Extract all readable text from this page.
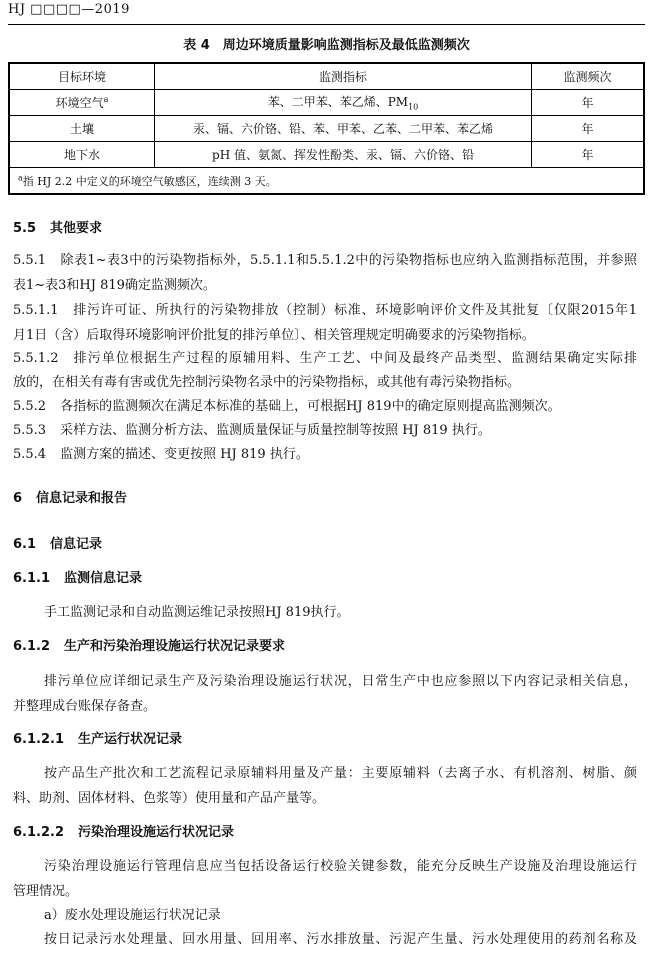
HJ □□□□—2019
表 4　周边环境质量影响监测指标及最低监测频次
目标环境	监测指标	监测频次
环境空气$^a$	苯、二甲苯、苯乙烯、$PM_{10}$	年
土壤	汞、镉、六价铬、铅、苯、甲苯、乙苯、二甲苯、苯乙烯	年
地下水	pH 值、氨氮、挥发性酚类、汞、镉、六价铬、铅	年
$^a$指 HJ 2.2 中定义的环境空气敏感区，连续测 3 天。		
5.5 其他要求
5.5.1 除表1~表3中的污染物指标外，5.5.1.1和5.5.1.2中的污染物指标也应纳入监测指标范围，并参照
表1~表3和HJ 819确定监测频次。
5.5.1.1 排污许可证、所执行的污染物排放（控制）标准、环境影响评价文件及其批复〔仅限2015年1
月1日（含）后取得环境影响评价批复的排污单位〕、相关管理规定明确要求的污染物指标。
5.5.1.2 排污单位根据生产过程的原辅用料、生产工艺、中间及最终产品类型、监测结果确定实际排
放的，在相关有毒有害或优先控制污染物名录中的污染物指标，或其他有毒污染物指标。
5.5.2 各指标的监测频次在满足本标准的基础上，可根据HJ 819中的确定原则提高监测频次。
5.5.3 采样方法、监测分析方法、监测质量保证与质量控制等按照 HJ 819 执行。
5.5.4 监测方案的描述、变更按照 HJ 819 执行。
6 信息记录和报告
6.1 信息记录
6.1.1 监测信息记录
手工监测记录和自动监测运维记录按照HJ 819执行。
6.1.2 生产和污染治理设施运行状况记录要求
排污单位应详细记录生产及污染治理设施运行状况，日常生产中也应参照以下内容记录相关信息，
并整理成台账保存备查。
6.1.2.1 生产运行状况记录
按产品生产批次和工艺流程记录原辅料用量及产量：主要原辅料（去离子水、有机溶剂、树脂、颜
料、助剂、固体材料、色浆等）使用量和产品产量等。
6.1.2.2 污染治理设施运行状况记录
污染治理设施运行管理信息应当包括设备运行校验关键参数，能充分反映生产设施及治理设施运行
管理情况。
a）废水处理设施运行状况记录
按日记录污水处理量、回水用量、回用率、污水排放量、污泥产生量、污水处理使用的药剂名称及
